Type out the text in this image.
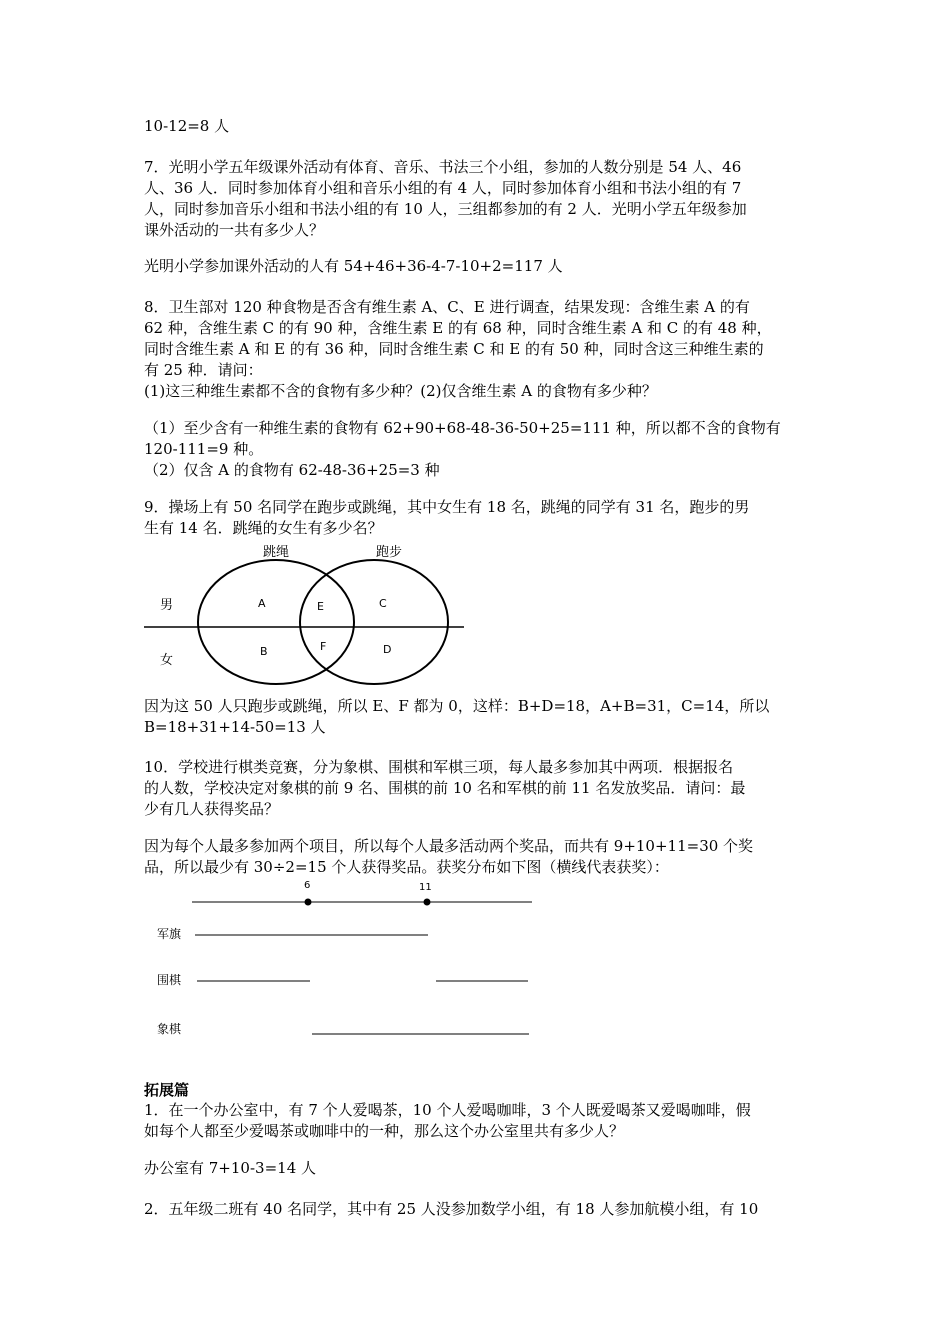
10-12=8 人
7．光明小学五年级课外活动有体育、音乐、书法三个小组，参加的人数分别是 54 人、46
人、36 人．同时参加体育小组和音乐小组的有 4 人，同时参加体育小组和书法小组的有 7
人，同时参加音乐小组和书法小组的有 10 人，三组都参加的有 2 人．光明小学五年级参加
课外活动的一共有多少人？
光明小学参加课外活动的人有 54+46+36-4-7-10+2=117 人
8．卫生部对 120 种食物是否含有维生素 A、C、E 进行调查，结果发现：含维生素 A 的有
62 种，含维生素 C 的有 90 种，含维生素 E 的有 68 种，同时含维生素 A 和 C 的有 48 种，
同时含维生素 A 和 E 的有 36 种，同时含维生素 C 和 E 的有 50 种，同时含这三种维生素的
有 25 种．请问：
(1)这三种维生素都不含的食物有多少种？(2)仅含维生素 A 的食物有多少种？
（1）至少含有一种维生素的食物有 62+90+68-48-36-50+25=111 种，所以都不含的食物有
120-111=9 种。
（2）仅含 A 的食物有 62-48-36+25=3 种
9．操场上有 50 名同学在跑步或跳绳，其中女生有 18 名，跳绳的同学有 31 名，跑步的男
生有 14 名．跳绳的女生有多少名？
跳绳	跑步
男
女
A	E	C
B	F	D
因为这 50 人只跑步或跳绳，所以 E、F 都为 0，这样：B+D=18，A+B=31，C=14，所以
B=18+31+14-50=13 人
10．学校进行棋类竞赛，分为象棋、围棋和军棋三项，每人最多参加其中两项．根据报名
的人数，学校决定对象棋的前 9 名、围棋的前 10 名和军棋的前 11 名发放奖品．请问：最
少有几人获得奖品？
因为每个人最多参加两个项目，所以每个人最多活动两个奖品，而共有 9+10+11=30 个奖
品，所以最少有 30÷2=15 个人获得奖品。获奖分布如下图（横线代表获奖）：
6	11
军旗
围棋
象棋
拓展篇
1．在一个办公室中，有 7 个人爱喝茶，10 个人爱喝咖啡，3 个人既爱喝茶又爱喝咖啡，假
如每个人都至少爱喝茶或咖啡中的一种，那么这个办公室里共有多少人？
办公室有 7+10-3=14 人
2．五年级二班有 40 名同学，其中有 25 人没参加数学小组，有 18 人参加航模小组，有 10
